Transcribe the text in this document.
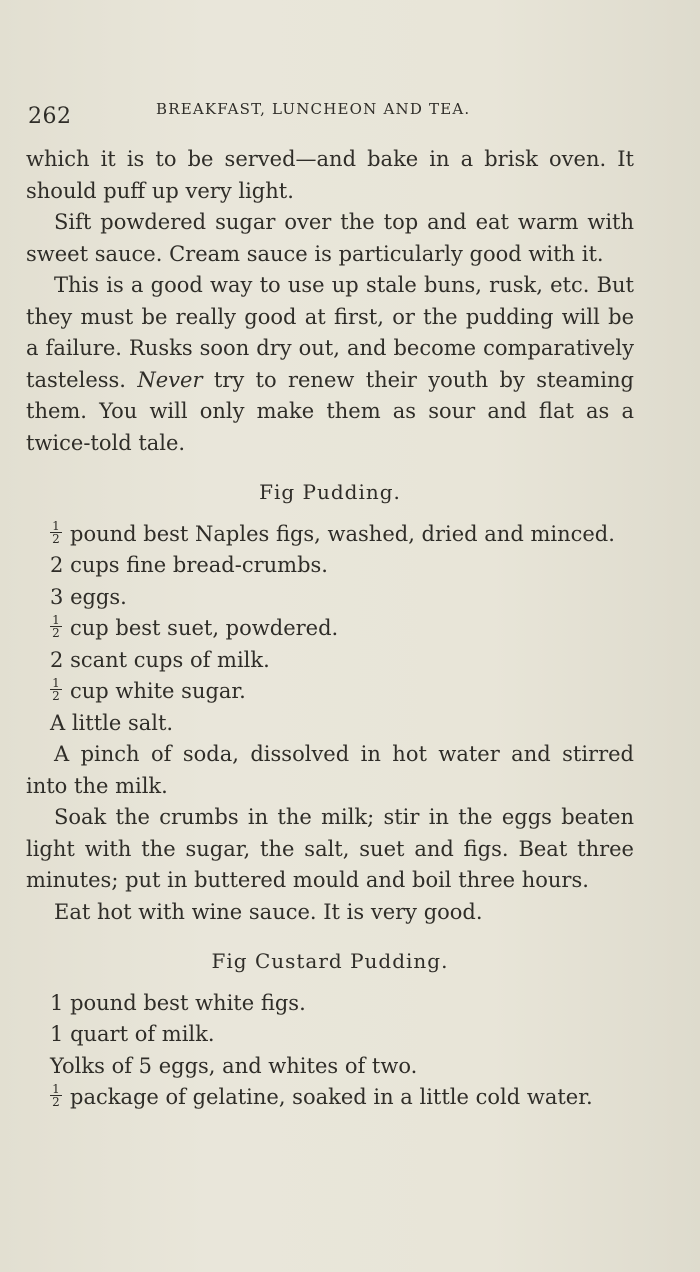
262	BREAKFAST, LUNCHEON AND TEA.

which it is to be served—and bake in a brisk oven. It should puff up very light.

Sift powdered sugar over the top and eat warm with sweet sauce. Cream sauce is particularly good with it.

This is a good way to use up stale buns, rusk, etc. But they must be really good at first, or the pudding will be a failure. Rusks soon dry out, and become comparatively tasteless. Never try to renew their youth by steaming them. You will only make them as sour and flat as a twice-told tale.

Fig Pudding.

$\frac{1}{2}$ pound best Naples figs, washed, dried and minced.

2 cups fine bread-crumbs.

3 eggs.

$\frac{1}{2}$ cup best suet, powdered.

2 scant cups of milk.

$\frac{1}{2}$ cup white sugar.

A little salt.

A pinch of soda, dissolved in hot water and stirred into the milk.

Soak the crumbs in the milk; stir in the eggs beaten light with the sugar, the salt, suet and figs. Beat three minutes; put in buttered mould and boil three hours.

Eat hot with wine sauce. It is very good.

Fig Custard Pudding.

1 pound best white figs.

1 quart of milk.

Yolks of 5 eggs, and whites of two.

$\frac{1}{2}$ package of gelatine, soaked in a little cold water.
